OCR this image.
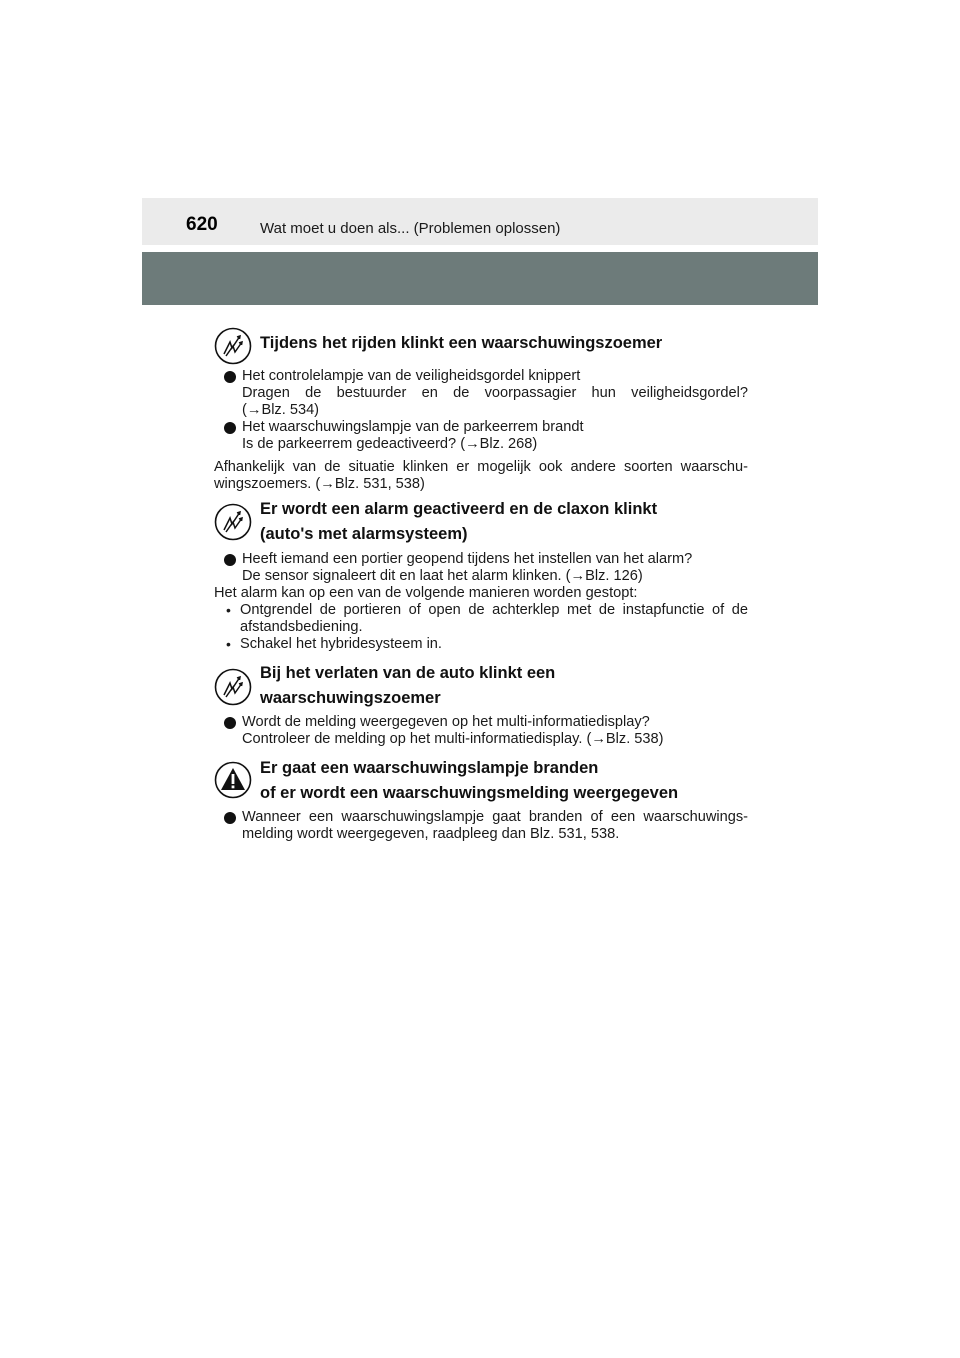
620	Wat moet u doen als... (Problemen oplossen)
Tijdens het rijden klinkt een waarschuwingszoemer
Het controlelampje van de veiligheidsgordel knippert
Dragen de bestuurder en de voorpassagier hun veiligheidsgordel?
(→Blz. 534)
Het waarschuwingslampje van de parkeerrem brandt
Is de parkeerrem gedeactiveerd? (→Blz. 268)
Afhankelijk van de situatie klinken er mogelijk ook andere soorten waarschu-
wingszoemers. (→Blz. 531, 538)
Er wordt een alarm geactiveerd en de claxon klinkt
(auto's met alarmsysteem)
Heeft iemand een portier geopend tijdens het instellen van het alarm?
De sensor signaleert dit en laat het alarm klinken. (→Blz. 126)
Het alarm kan op een van de volgende manieren worden gestopt:
• Ontgrendel de portieren of open de achterklep met de instapfunctie of de
afstandsbediening.
• Schakel het hybridesysteem in.
Bij het verlaten van de auto klinkt een
waarschuwingszoemer
Wordt de melding weergegeven op het multi-informatiedisplay?
Controleer de melding op het multi-informatiedisplay. (→Blz. 538)
Er gaat een waarschuwingslampje branden
of er wordt een waarschuwingsmelding weergegeven
Wanneer een waarschuwingslampje gaat branden of een waarschuwings-
melding wordt weergegeven, raadpleeg dan Blz. 531, 538.
